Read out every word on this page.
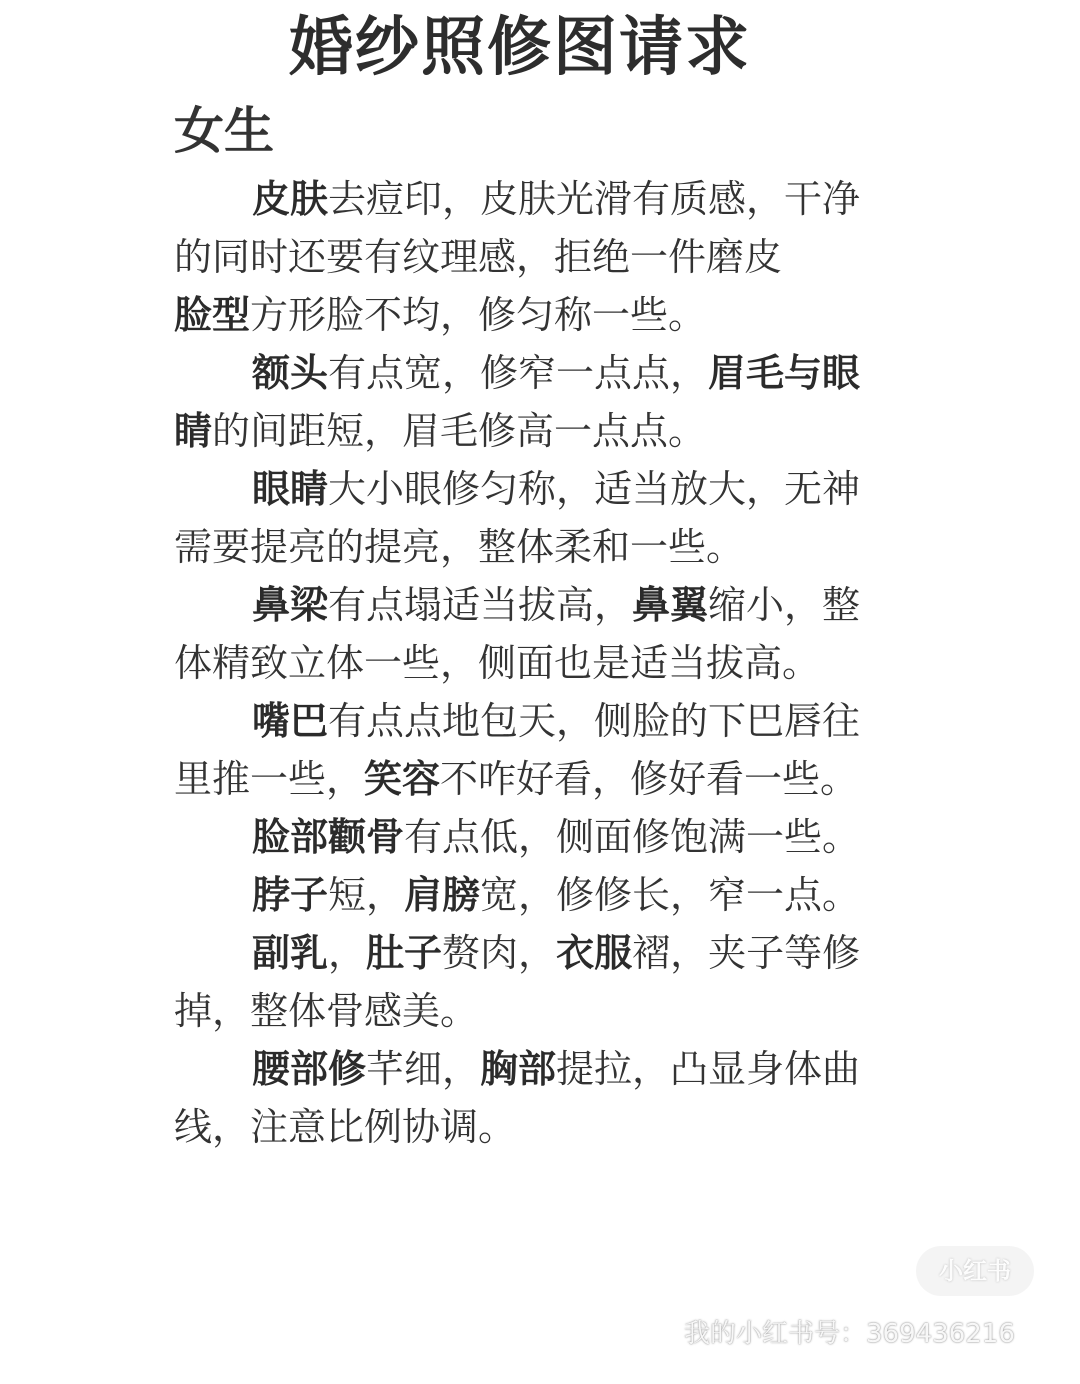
婚纱照修图请求
女生

皮肤去痘印，皮肤光滑有质感，干净的同时还要有纹理感，拒绝一件磨皮

脸型方形脸不均，修匀称一些。

额头有点宽，修窄一点点，眉毛与眼睛的间距短，眉毛修高一点点。

眼睛大小眼修匀称，适当放大，无神需要提亮的提亮，整体柔和一些。

鼻梁有点塌适当拔高，鼻翼缩小，整体精致立体一些，侧面也是适当拔高。

嘴巴有点点地包天，侧脸的下巴唇往里推一些，笑容不咋好看，修好看一些。

脸部颧骨有点低，侧面修饱满一些。

脖子短，肩膀宽，修修长，窄一点。

副乳，肚子赘肉，衣服褶，夹子等修掉，整体骨感美。

腰部修芊细，胸部提拉，凸显身体曲线，注意比例协调。

小红书
我的小红书号：369436216
